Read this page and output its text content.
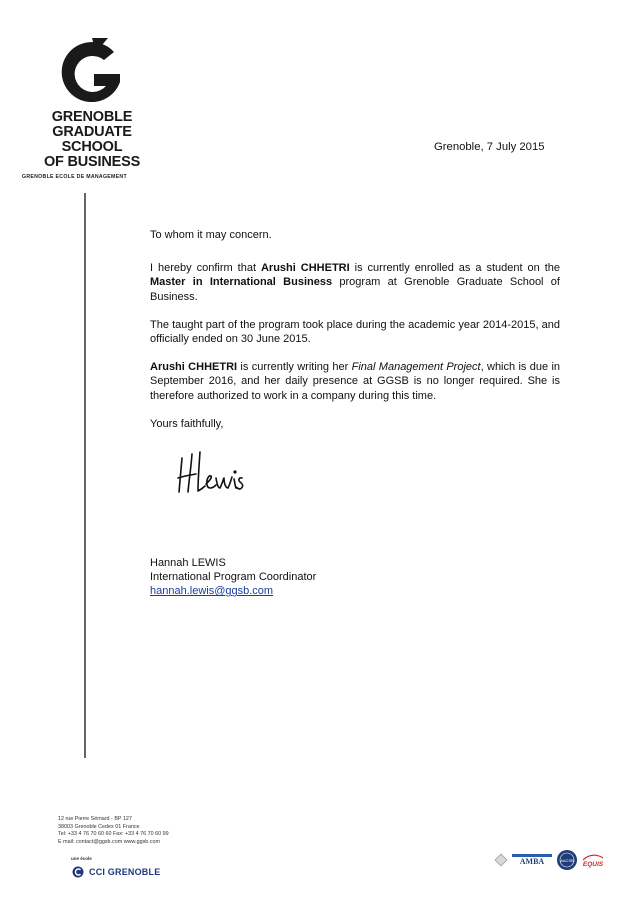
GRENOBLE
GRADUATE SCHOOL
OF BUSINESS
GRENOBLE ECOLE DE MANAGEMENT
Grenoble, 7 July 2015

To whom it may concern.

I hereby confirm that Arushi CHHETRI is currently enrolled as a student on the Master in International Business program at Grenoble Graduate School of Business.

The taught part of the program took place during the academic year 2014-2015, and officially ended on 30 June 2015.

Arushi CHHETRI is currently writing her Final Management Project, which is due in September 2016, and her daily presence at GGSB is no longer required. She is therefore authorized to work in a company during this time.

Yours faithfully,

Hannah LEWIS
International Program Coordinator
hannah.lewis@ggsb.com
12 rue Pierre Sémard - BP 127
38003 Grenoble Cedex 01 France
Tel: +33 4 76 70 60 60 Fax: +33 4 76 70 60 99
E mail: contact@ggsb.com www.ggsb.com
une école
CCI GRENOBLE
AMBA	AACSB EQUIS
